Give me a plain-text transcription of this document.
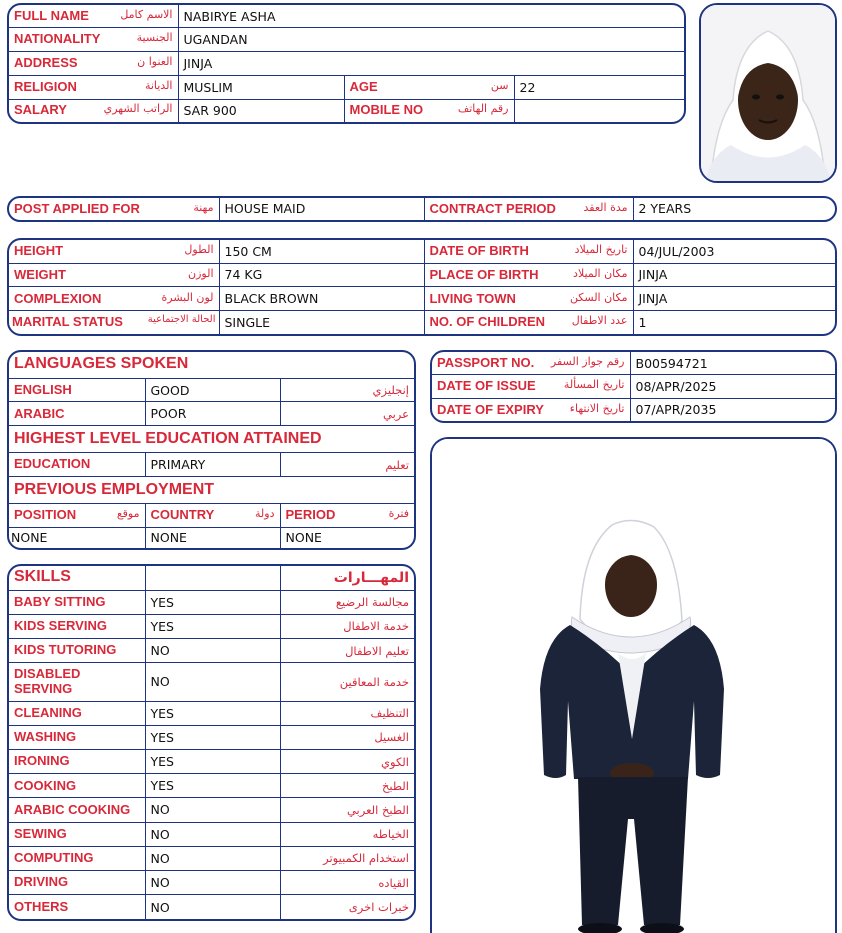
FULL NAME الاسم كامل	NABIRYE ASHA		
NATIONALITY الجنسية	UGANDAN		
ADDRESS العنوا ن	JINJA		
RELIGION الديانة	MUSLIM	AGE سن	22
SALARY الراتب الشهري	SAR 900	MOBILE NO رقم الهاتف	

POST APPLIED FOR	مهنة	HOUSE MAID	CONTRACT PERIOD	مدة العقد	2 YEARS
HEIGHT الطول	150 CM	DATE OF BIRTH تاريخ الميلاد	04/JUL/2003
WEIGHT الوزن	74 KG	PLACE OF BIRTH مكان الميلاد	JINJA
COMPLEXION لون البشرة	BLACK BROWN	LIVING TOWN مكان السكن	JINJA
MARITAL STATUS الحالة الاجتماعية	SINGLE	NO. OF CHILDREN عدد الاطفال	1
LANGUAGES SPOKEN		
ENGLISH	GOOD	إنجليزي
ARABIC	POOR	عربي
HIGHEST LEVEL EDUCATION ATTAINED		
EDUCATION	PRIMARY	تعليم
PREVIOUS EMPLOYMENT		
POSITION موقع	COUNTRY دولة	PERIOD فترة

NONE	NONE	NONE
PASSPORT NO. رقم جواز السفر	B00594721
DATE OF ISSUE تاريخ المسألة	08/APR/2025
DATE OF EXPIRY تاريخ الانتهاء	07/APR/2035
SKILLS		المهـــارات
BABY SITTING	YES	مجالسة الرضيع
KIDS SERVING	YES	خدمة الاطفال
KIDS TUTORING	NO	تعليم الاطفال
DISABLED SERVING	NO	خدمة المعاقين
CLEANING	YES	التنظيف
WASHING	YES	الغسيل
IRONING	YES	الكوي
COOKING	YES	الطبخ
ARABIC COOKING	NO	الطبخ العربي
SEWING	NO	الخياطه
COMPUTING	NO	استخدام الكمبيوتر
DRIVING	NO	القياده
OTHERS	NO	خبرات اخرى
